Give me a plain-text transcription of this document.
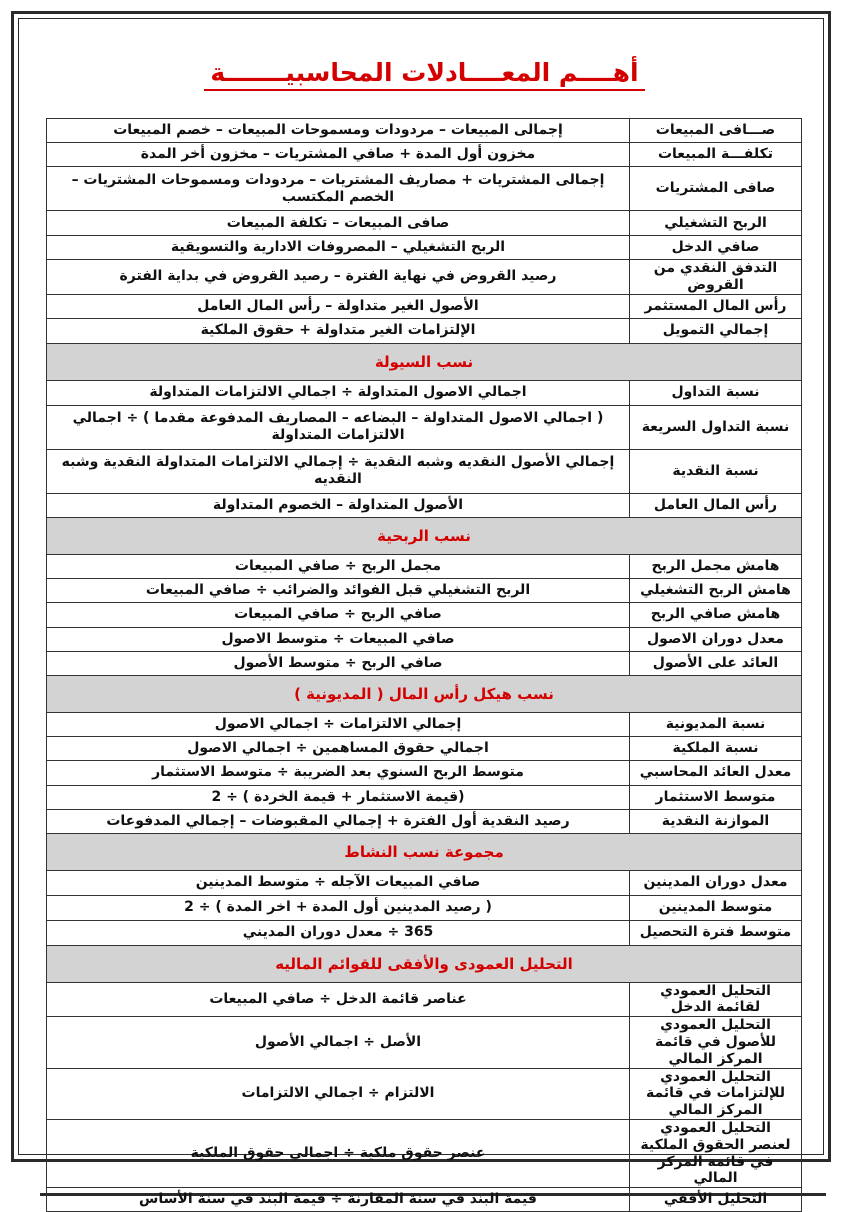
أهــــم المعــــادلات المحاسبيـــــــة
صـــافى المبيعات	إجمالى المبيعات – مردودات ومسموحات المبيعات – خصم المبيعات
تكلفـــة المبيعات	مخزون أول المدة + صافي المشتريات – مخزون أخر المدة
صافى المشتريات	إجمالى المشتريات + مصاريف المشتريات – مردودات ومسموحات المشتريات – الخصم المكتسب
الربح التشغيلي	صافى المبيعات – تكلفة المبيعات
صافي الدخل	الربح التشغيلي – المصروفات الادارية والتسويقية
التدفق النقدي من القروض	رصيد القروض في نهاية الفترة – رصيد القروض في بداية الفترة
رأس المال المستثمر	الأصول الغير متداولة – رأس المال العامل
إجمالي التمويل	الإلتزامات الغير متداولة + حقوق الملكية
نسب السيولة	
نسبة التداول	اجمالي الاصول المتداولة ÷ اجمالي الالتزامات المتداولة
نسبة التداول السريعة	( اجمالي الاصول المتداولة – البضاعه – المصاريف المدفوعة مقدما ) ÷ اجمالي الالتزامات المتداولة
نسبة النقدية	إجمالي الأصول النقديه وشبه النقدية ÷ إجمالي الالتزامات المتداولة النقدية وشبه النقديه
رأس المال العامل	الأصول المتداولة – الخصوم المتداولة
نسب الربحية	
هامش مجمل الربح	مجمل الربح ÷ صافي المبيعات
هامش الربح التشغيلي	الربح التشغيلي قبل الفوائد والضرائب ÷ صافي المبيعات
هامش صافي الربح	صافي الربح ÷ صافي المبيعات
معدل دوران الاصول	صافي المبيعات ÷ متوسط الاصول
العائد على الأصول	صافي الربح ÷ متوسط الأصول
نسب هيكل رأس المال ( المديونية )	
نسبة المديونية	إجمالي الالتزامات ÷ اجمالي الاصول
نسبة الملكية	اجمالي حقوق المساهمين ÷ اجمالي الاصول
معدل العائد المحاسبي	متوسط الربح السنوي بعد الضريبة ÷ متوسط الاستثمار
متوسط الاستثمار	(قيمة الاستثمار + قيمة الخردة ) ÷ 2
الموازنة النقدية	رصيد النقدية أول الفترة + إجمالي المقبوضات – إجمالي المدفوعات
مجموعة نسب النشاط	
معدل دوران المدينين	صافي المبيعات الآجله ÷ متوسط المدينين
متوسط المدينين	( رصيد المدينين أول المدة + اخر المدة ) ÷ 2
متوسط فترة التحصيل	365 ÷ معدل دوران المديني
التحليل العمودى والأفقى للقوائم الماليه	
التحليل العمودي لقائمة الدخل	عناصر قائمة الدخل ÷ صافي المبيعات
التحليل العمودي للأصول في قائمة المركز المالي	الأصل ÷ اجمالي الأصول
التحليل العمودي للإلتزامات في قائمة المركز المالي	الالتزام ÷ اجمالي الالتزامات
التحليل العمودي لعنصر الحقوق الملكية في قائمة المركز المالي	عنصر حقوق ملكية ÷ اجمالي حقوق الملكية
التحليل الأفقي	قيمة البند في سنة المقارنة ÷ قيمة البند في سنة الأساس
